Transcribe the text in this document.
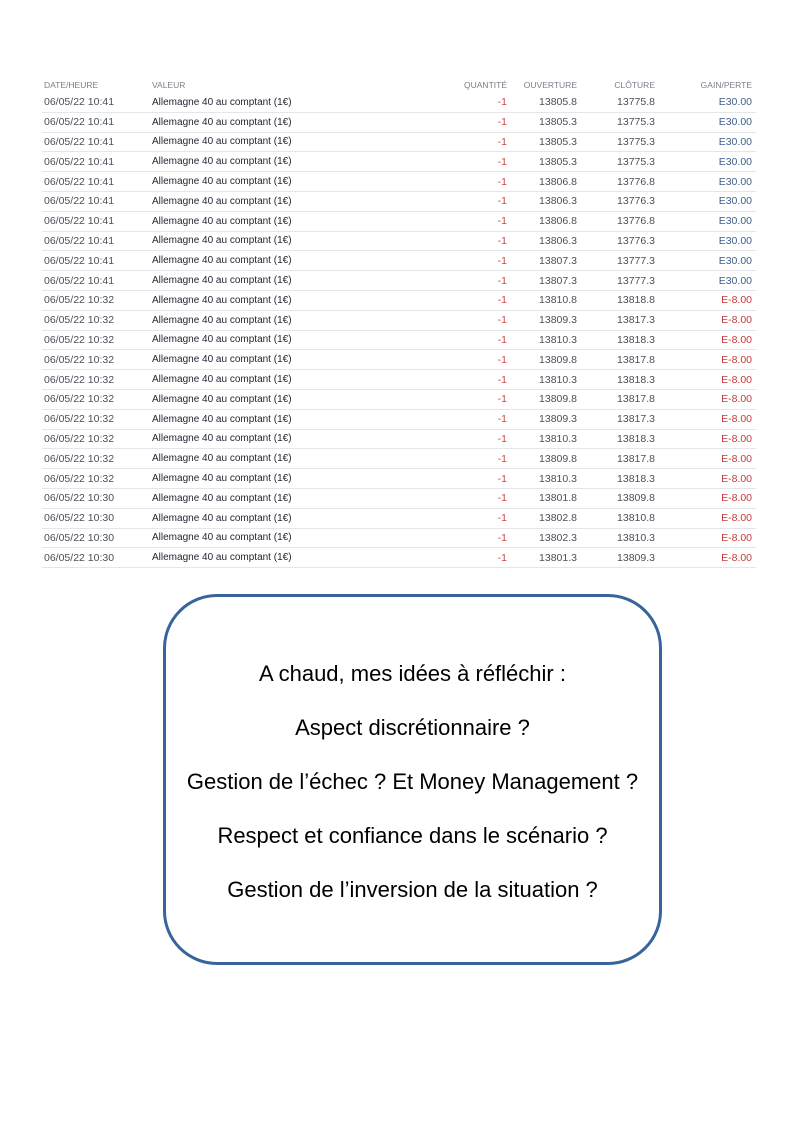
DATE/HEURE	VALEUR	QUANTITÉ	OUVERTURE	CLÔTURE	GAIN/PERTE
06/05/22 10:41	Allemagne 40 au comptant (1€)	-1	13805.8	13775.8	E30.00
06/05/22 10:41	Allemagne 40 au comptant (1€)	-1	13805.3	13775.3	E30.00
06/05/22 10:41	Allemagne 40 au comptant (1€)	-1	13805.3	13775.3	E30.00
06/05/22 10:41	Allemagne 40 au comptant (1€)	-1	13805.3	13775.3	E30.00
06/05/22 10:41	Allemagne 40 au comptant (1€)	-1	13806.8	13776.8	E30.00
06/05/22 10:41	Allemagne 40 au comptant (1€)	-1	13806.3	13776.3	E30.00
06/05/22 10:41	Allemagne 40 au comptant (1€)	-1	13806.8	13776.8	E30.00
06/05/22 10:41	Allemagne 40 au comptant (1€)	-1	13806.3	13776.3	E30.00
06/05/22 10:41	Allemagne 40 au comptant (1€)	-1	13807.3	13777.3	E30.00
06/05/22 10:41	Allemagne 40 au comptant (1€)	-1	13807.3	13777.3	E30.00
06/05/22 10:32	Allemagne 40 au comptant (1€)	-1	13810.8	13818.8	E-8.00
06/05/22 10:32	Allemagne 40 au comptant (1€)	-1	13809.3	13817.3	E-8.00
06/05/22 10:32	Allemagne 40 au comptant (1€)	-1	13810.3	13818.3	E-8.00
06/05/22 10:32	Allemagne 40 au comptant (1€)	-1	13809.8	13817.8	E-8.00
06/05/22 10:32	Allemagne 40 au comptant (1€)	-1	13810.3	13818.3	E-8.00
06/05/22 10:32	Allemagne 40 au comptant (1€)	-1	13809.8	13817.8	E-8.00
06/05/22 10:32	Allemagne 40 au comptant (1€)	-1	13809.3	13817.3	E-8.00
06/05/22 10:32	Allemagne 40 au comptant (1€)	-1	13810.3	13818.3	E-8.00
06/05/22 10:32	Allemagne 40 au comptant (1€)	-1	13809.8	13817.8	E-8.00
06/05/22 10:32	Allemagne 40 au comptant (1€)	-1	13810.3	13818.3	E-8.00
06/05/22 10:30	Allemagne 40 au comptant (1€)	-1	13801.8	13809.8	E-8.00
06/05/22 10:30	Allemagne 40 au comptant (1€)	-1	13802.8	13810.8	E-8.00
06/05/22 10:30	Allemagne 40 au comptant (1€)	-1	13802.3	13810.3	E-8.00
06/05/22 10:30	Allemagne 40 au comptant (1€)	-1	13801.3	13809.3	E-8.00

A chaud, mes idées à réfléchir :

Aspect discrétionnaire ?

Gestion de l’échec ? Et Money Management ?

Respect et confiance dans le scénario ?

Gestion de l’inversion de la situation ?
